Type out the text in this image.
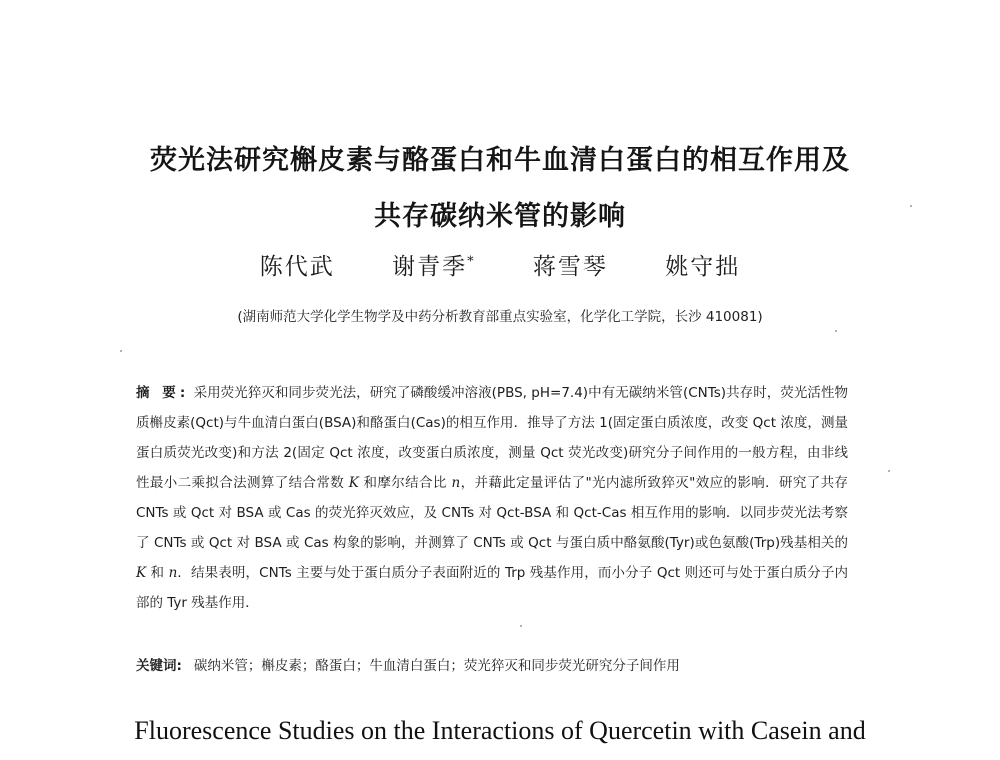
荧光法研究槲皮素与酪蛋白和牛血清白蛋白的相互作用及
共存碳纳米管的影响
陈代武 谢青季* 蒋雪琴 姚守拙
(湖南师范大学化学生物学及中药分析教育部重点实验室，化学化工学院，长沙 410081)
摘 要: 采用荧光猝灭和同步荧光法，研究了磷酸缓冲溶液(PBS, pH=7.4)中有无碳纳米管(CNTs)共存时，荧光活性物质槲皮素(Qct)与牛血清白蛋白(BSA)和酪蛋白(Cas)的相互作用．推导了方法 1(固定蛋白质浓度，改变 Qct 浓度，测量蛋白质荧光改变)和方法 2(固定 Qct 浓度，改变蛋白质浓度，测量 Qct 荧光改变)研究分子间作用的一般方程，由非线性最小二乘拟合法测算了结合常数 K 和摩尔结合比 n，并藉此定量评估了"光内滤所致猝灭"效应的影响．研究了共存 CNTs 或 Qct 对 BSA 或 Cas 的荧光猝灭效应，及 CNTs 对 Qct-BSA 和 Qct-Cas 相互作用的影响．以同步荧光法考察了 CNTs 或 Qct 对 BSA 或 Cas 构象的影响，并测算了 CNTs 或 Qct 与蛋白质中酪氨酸(Tyr)或色氨酸(Trp)残基相关的 K 和 n．结果表明，CNTs 主要与处于蛋白质分子表面附近的 Trp 残基作用，而小分子 Qct 则还可与处于蛋白质分子内部的 Tyr 残基作用．
关键词: 碳纳米管；槲皮素；酪蛋白；牛血清白蛋白；荧光猝灭和同步荧光研究分子间作用
Fluorescence Studies on the Interactions of Quercetin with Casein and
